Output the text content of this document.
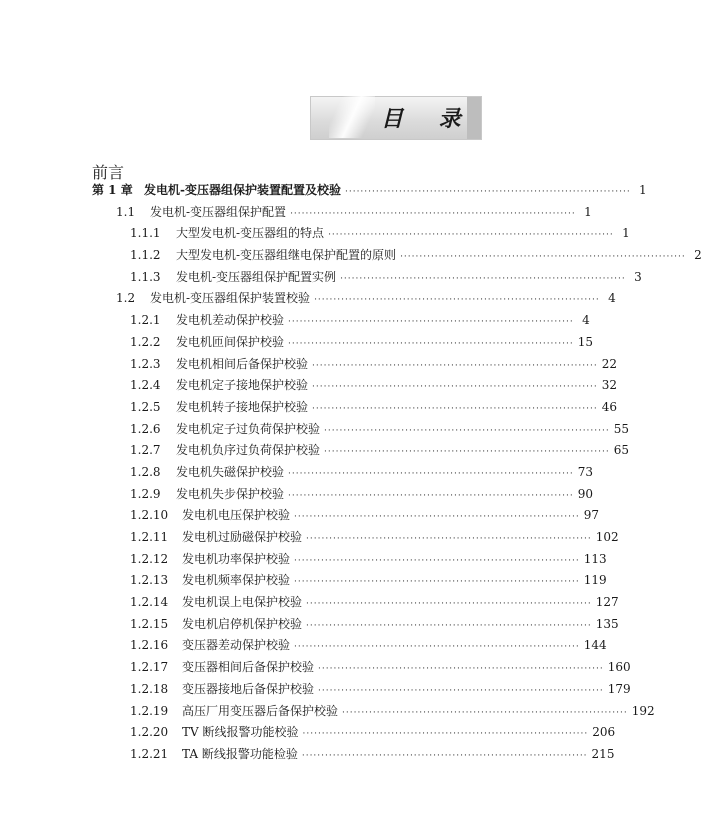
目 录
前言
第 1 章 发电机-变压器组保护装置配置及校验 ·········································································· 1
1.1	发电机-变压器组保护配置 ·········································································· 1
1.1.1	大型发电机-变压器组的特点 ·········································································· 1
1.1.2	大型发电机-变压器组继电保护配置的原则 ·········································································· 2
1.1.3	发电机-变压器组保护配置实例 ·········································································· 3
1.2	发电机-变压器组保护装置校验 ·········································································· 4
1.2.1	发电机差动保护校验 ·········································································· 4
1.2.2	发电机匝间保护校验 ·········································································· 15
1.2.3	发电机相间后备保护校验 ·········································································· 22
1.2.4	发电机定子接地保护校验 ·········································································· 32
1.2.5	发电机转子接地保护校验 ·········································································· 46
1.2.6	发电机定子过负荷保护校验 ·········································································· 55
1.2.7	发电机负序过负荷保护校验 ·········································································· 65
1.2.8	发电机失磁保护校验 ·········································································· 73
1.2.9	发电机失步保护校验 ·········································································· 90
1.2.10	发电机电压保护校验 ·········································································· 97
1.2.11	发电机过励磁保护校验 ·········································································· 102
1.2.12	发电机功率保护校验 ·········································································· 113
1.2.13	发电机频率保护校验 ·········································································· 119
1.2.14	发电机误上电保护校验 ·········································································· 127
1.2.15	发电机启停机保护校验 ·········································································· 135
1.2.16	变压器差动保护校验 ·········································································· 144
1.2.17	变压器相间后备保护校验 ·········································································· 160
1.2.18	变压器接地后备保护校验 ·········································································· 179
1.2.19	高压厂用变压器后备保护校验 ·········································································· 192
1.2.20	TV 断线报警功能校验 ·········································································· 206
1.2.21	TA 断线报警功能检验 ·········································································· 215
